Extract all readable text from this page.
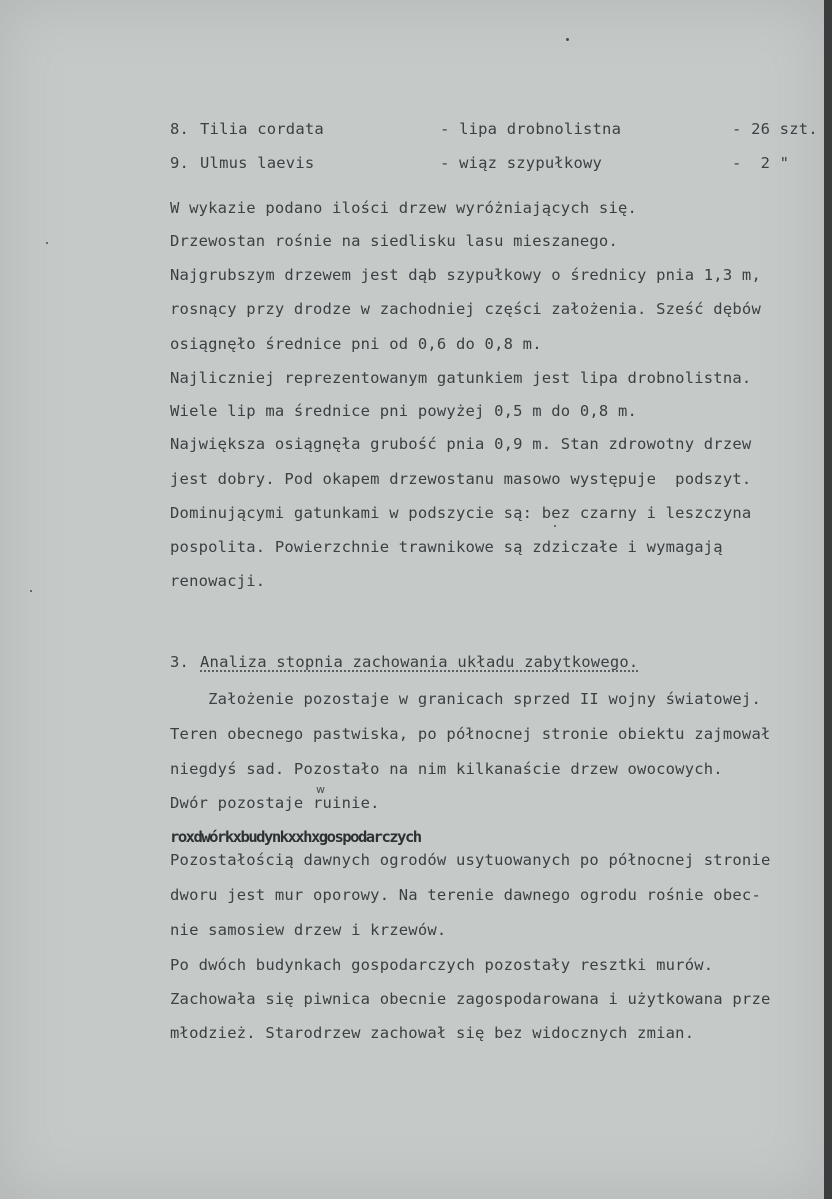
8. Tilia cordata	- lipa drobnolistna	- 26 szt.
9. Ulmus laevis	- wiąz szypułkowy	-  2 "
W wykazie podano ilości drzew wyróżniających się.
Drzewostan rośnie na siedlisku lasu mieszanego.
Najgrubszym drzewem jest dąb szypułkowy o średnicy pnia 1,3 m,
rosnący przy drodze w zachodniej części założenia. Sześć dębów
osiągnęło średnice pni od 0,6 do 0,8 m.
Najliczniej reprezentowanym gatunkiem jest lipa drobnolistna.
Wiele lip ma średnice pni powyżej 0,5 m do 0,8 m.
Największa osiągnęła grubość pnia 0,9 m. Stan zdrowotny drzew
jest dobry. Pod okapem drzewostanu masowo występuje  podszyt.
Dominującymi gatunkami w podszycie są: bez czarny i leszczyna
pospolita. Powierzchnie trawnikowe są zdziczałe i wymagają
renowacji.
3. Analiza stopnia zachowania układu zabytkowego.
Założenie pozostaje w granicach sprzed II wojny światowej.
Teren obecnego pastwiska, po północnej stronie obiektu zajmował
niegdyś sad. Pozostało na nim kilkanaście drzew owocowych.
Dwór pozostaje ruinie.
w
roxdwórkxbudynkxxhxgospodarczych
Pozostałością dawnych ogrodów usytuowanych po północnej stronie
dworu jest mur oporowy. Na terenie dawnego ogrodu rośnie obec-
nie samosiew drzew i krzewów.
Po dwóch budynkach gospodarczych pozostały resztki murów.
Zachowała się piwnica obecnie zagospodarowana i użytkowana prze
młodzież. Starodrzew zachował się bez widocznych zmian.
